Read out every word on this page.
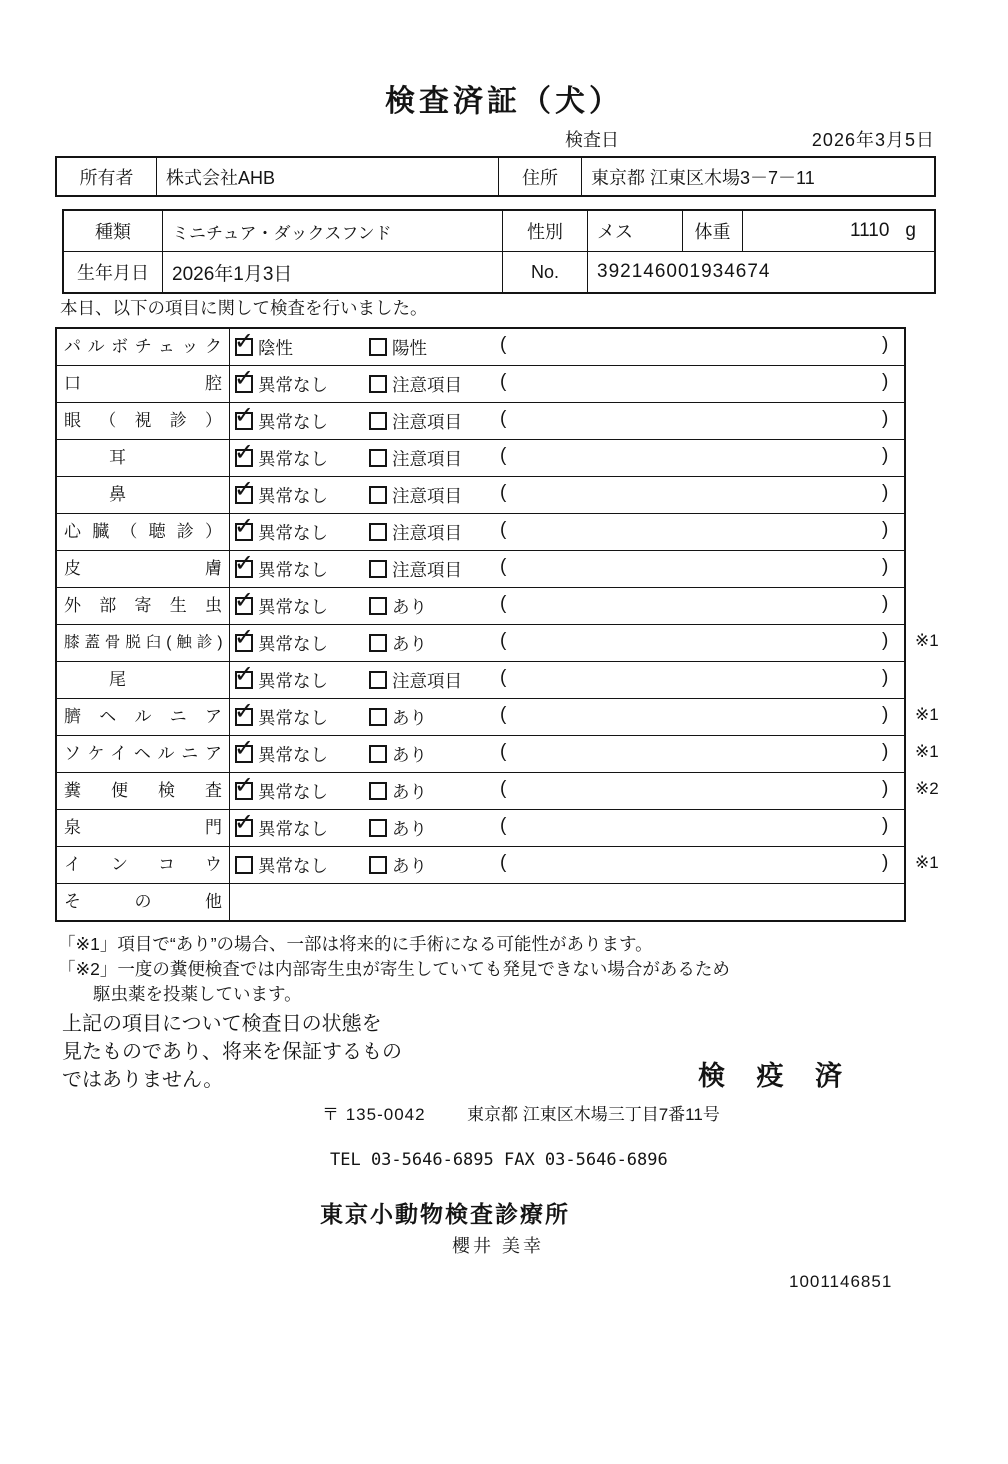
検査済証（犬）
検査日	2026年3月5日
所有者	株式会社AHB	住所	東京都 江東区木場3－7－11
種類	ミニチュア・ダックスフンド	性別	メス	体重	1110 g
生年月日	2026年1月3日	No.	392146001934674
本日、以下の項目に関して検査を行いました。
パルボチェック ✓	陰性	陽性	(	)
口腔 ✓	異常なし	注意項目 (	)
眼（視診） ✓	異常なし	注意項目 (	)
耳 ✓	異常なし	注意項目 (	)
鼻 ✓	異常なし	注意項目 (	)
心臓（聴診） ✓	異常なし	注意項目 (	)
皮膚 ✓	異常なし	注意項目 (	)
外部寄生虫 ✓	異常なし	あり	(	)
膝蓋骨脱臼(触診) ✓	異常なし	あり	(	) ※1
尾 ✓	異常なし	注意項目 (	)
臍ヘルニア ✓	異常なし	あり	(	) ※1
ソケイヘルニア ✓	異常なし	あり	(	) ※1
糞便検査 ✓	異常なし	あり	(	) ※2
泉門 ✓	異常なし	あり	(	)
インコウ	異常なし	あり	(	) ※1
その他
「※1」項目で“あり”の場合、一部は将来的に手術になる可能性があります。
「※2」一度の糞便検査では内部寄生虫が寄生していても発見できない場合があるため
駆虫薬を投薬しています。
上記の項目について検査日の状態を
見たものであり、将来を保証するもの
ではありません。	検 疫 済
〒 135-0042 東京都 江東区木場三丁目7番11号
TEL 03-5646-6895 FAX 03-5646-6896
東京小動物検査診療所
櫻井 美幸
1001146851
